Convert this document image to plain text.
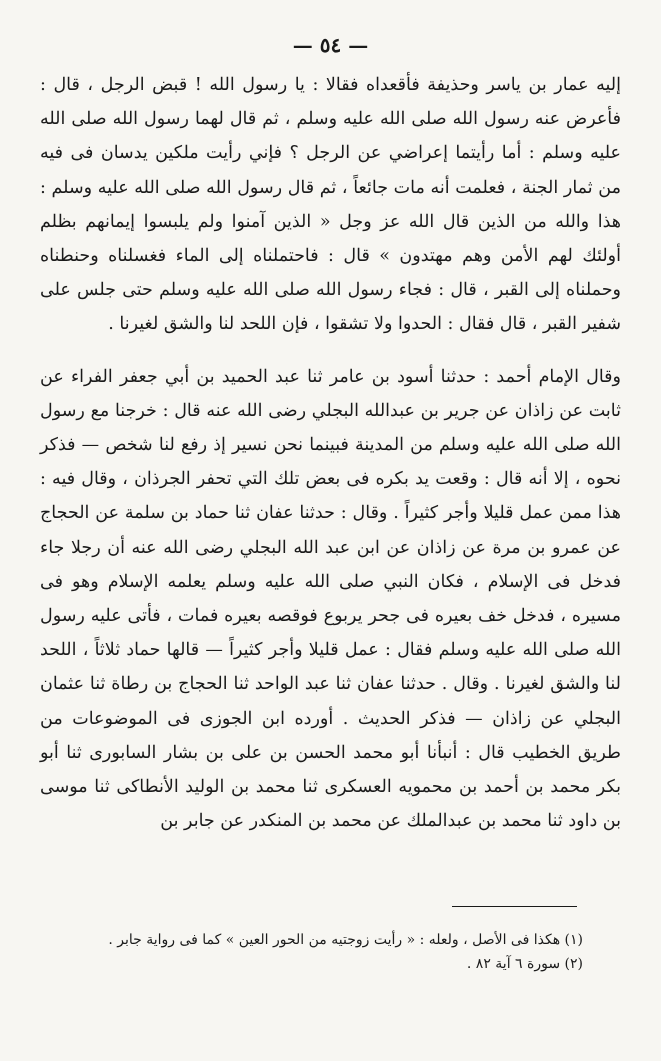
— ٥٤ —

إليه عمار بن ياسر وحذيفة فأقعداه فقالا : يا رسول الله ! قبض الرجل ، قال : فأعرض عنه رسول الله صلى الله عليه وسلم ، ثم قال لهما رسول الله صلى الله عليه وسلم : أما رأيتما إعراضي عن الرجل ؟ فإني رأيت ملكين يدسان فى فيه من ثمار الجنة ، فعلمت أنه مات جائعاً ، ثم قال رسول الله صلى الله عليه وسلم : هذا والله من الذين قال الله عز وجل « الذين آمنوا ولم يلبسوا إيمانهم بظلم أولئك لهم الأمن وهم مهتدون » قال : فاحتملناه إلى الماء فغسلناه وحنطناه وحملناه إلى القبر ، قال : فجاء رسول الله صلى الله عليه وسلم حتى جلس على شفير القبر ، قال فقال : الحدوا ولا تشقوا ، فإن اللحد لنا والشق لغيرنا .

وقال الإمام أحمد : حدثنا أسود بن عامر ثنا عبد الحميد بن أبي جعفر الفراء عن ثابت عن زاذان عن جرير بن عبدالله البجلي رضى الله عنه قال : خرجنا مع رسول الله صلى الله عليه وسلم من المدينة فبينما نحن نسير إذ رفع لنا شخص — فذكر نحوه ، إلا أنه قال : وقعت يد بكره فى بعض تلك التي تحفر الجرذان ، وقال فيه : هذا ممن عمل قليلا وأجر كثيراً . وقال : حدثنا عفان ثنا حماد بن سلمة عن الحجاج عن عمرو بن مرة عن زاذان عن ابن عبد الله البجلي رضى الله عنه أن رجلا جاء فدخل فى الإسلام ، فكان النبي صلى الله عليه وسلم يعلمه الإسلام وهو فى مسيره ، فدخل خف بعيره فى جحر يربوع فوقصه بعيره فمات ، فأتى عليه رسول الله صلى الله عليه وسلم فقال : عمل قليلا وأجر كثيراً — قالها حماد ثلاثاً ، اللحد لنا والشق لغيرنا . وقال . حدثنا عفان ثنا عبد الواحد ثنا الحجاج بن رطاة ثنا عثمان البجلي عن زاذان — فذكر الحديث . أورده ابن الجوزى فى الموضوعات من طريق الخطيب قال : أنبأنا أبو محمد الحسن بن على بن بشار السابورى ثنا أبو بكر محمد بن أحمد بن محمويه العسكرى ثنا محمد بن الوليد الأنطاكى ثنا موسى بن داود ثنا محمد بن عبدالملك عن محمد بن المنكدر عن جابر بن

(١) هكذا فى الأصل ، ولعله : « رأيت زوجتيه من الحور العين » كما فى رواية جابر .

(٢) سورة ٦ آية ٨٢ .
